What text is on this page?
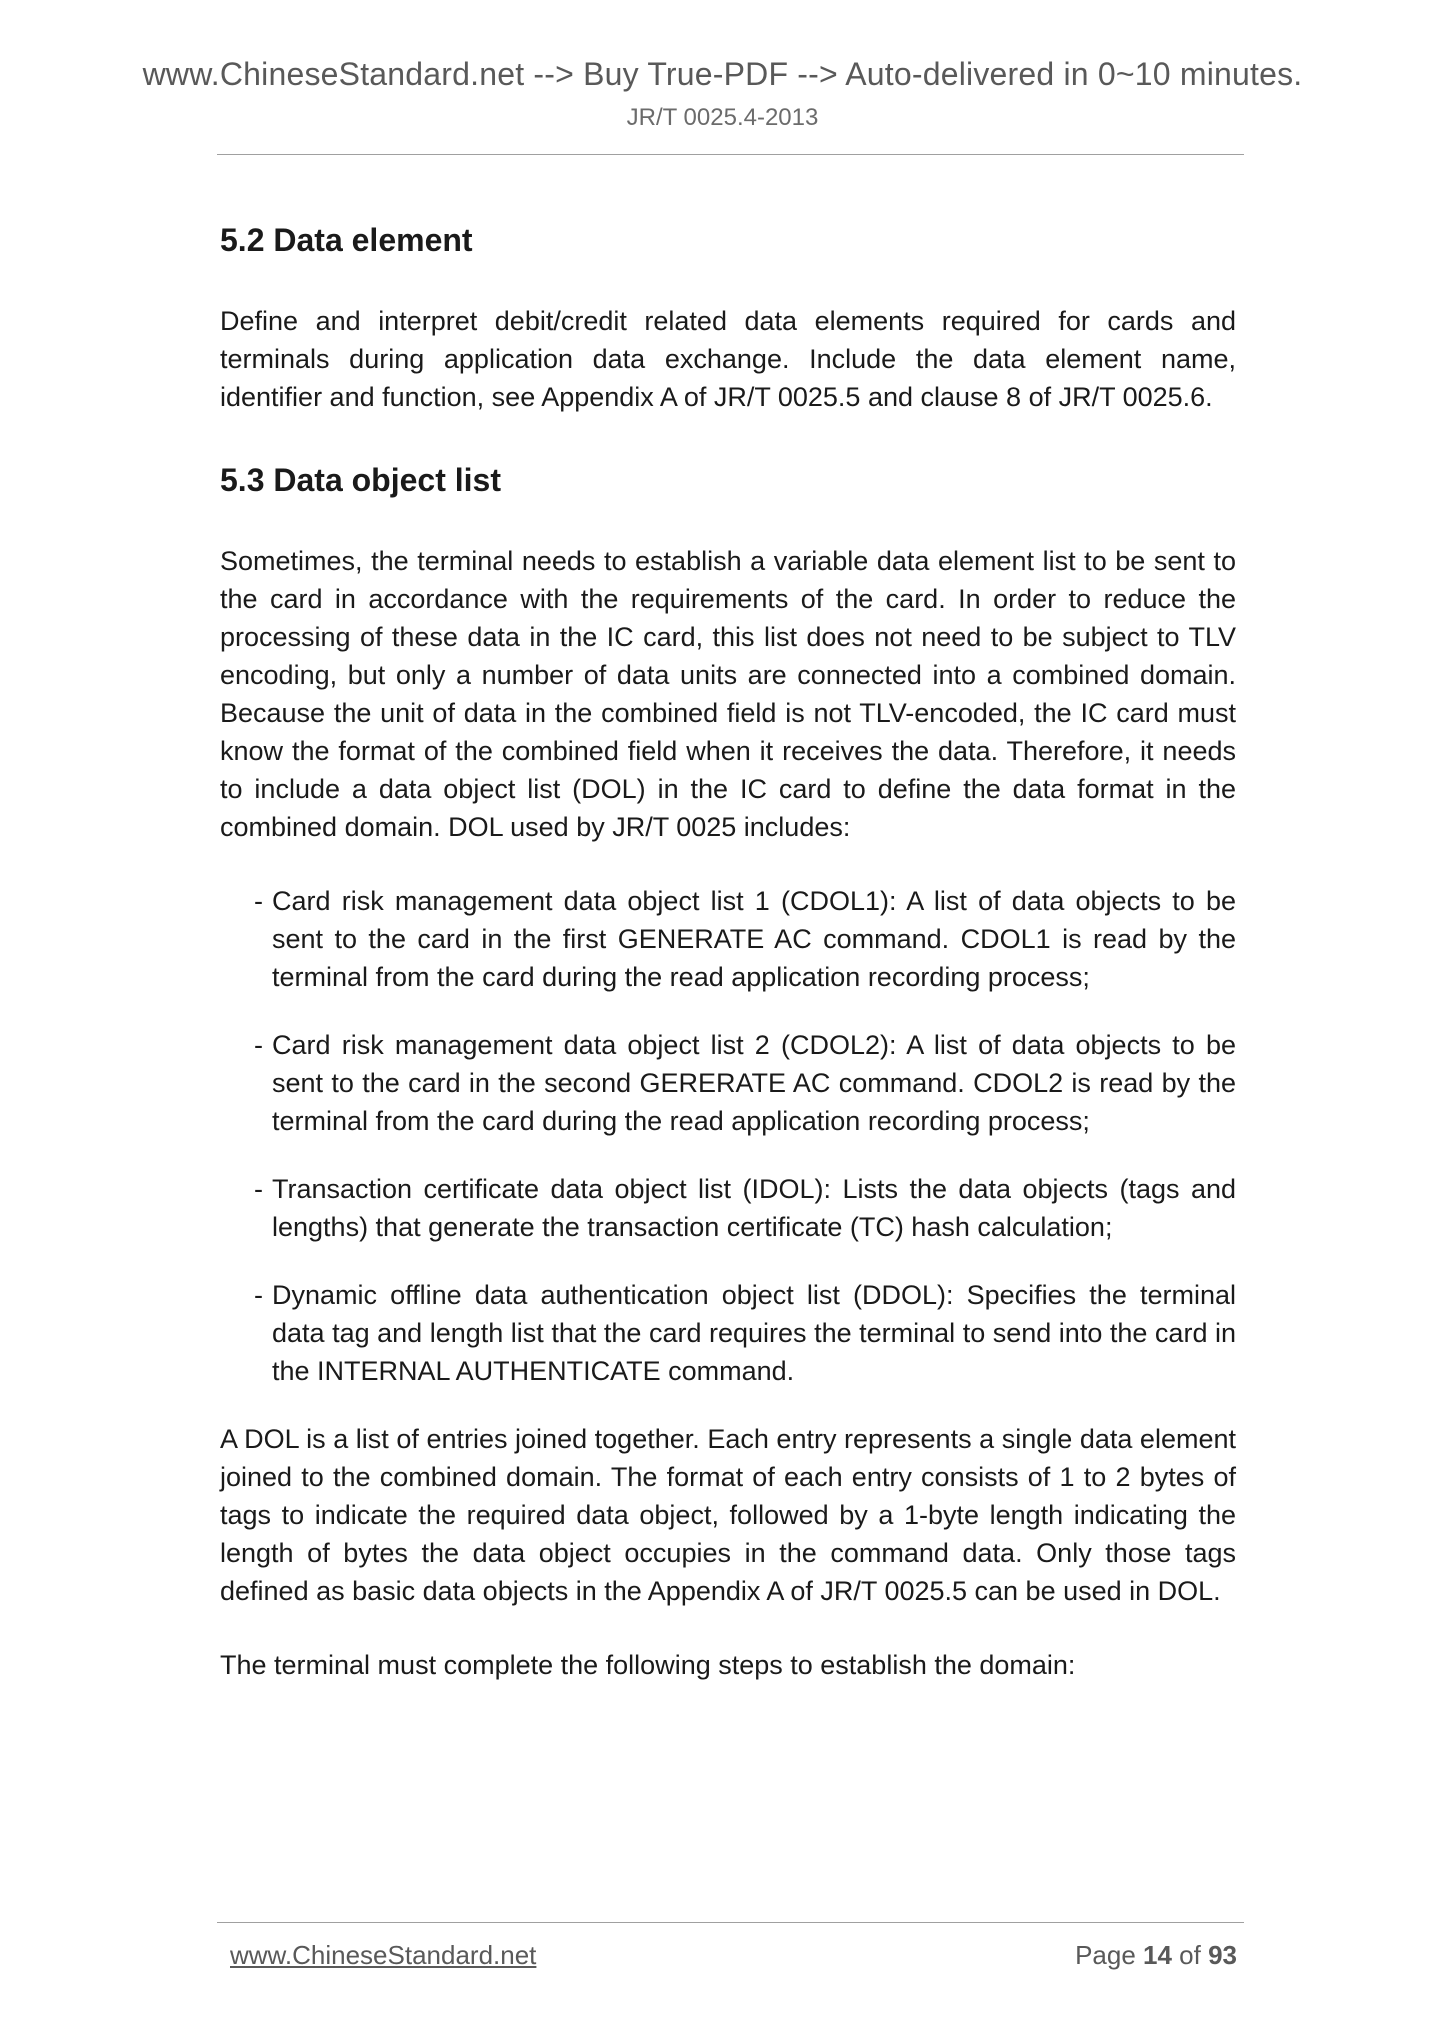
www.ChineseStandard.net --> Buy True-PDF --> Auto-delivered in 0~10 minutes.
JR/T 0025.4-2013
5.2 Data element

Define and interpret debit/credit related data elements required for cards and terminals during application data exchange. Include the data element name, identifier and function, see Appendix A of JR/T 0025.5 and clause 8 of JR/T 0025.6.

5.3 Data object list

Sometimes, the terminal needs to establish a variable data element list to be sent to the card in accordance with the requirements of the card. In order to reduce the processing of these data in the IC card, this list does not need to be subject to TLV encoding, but only a number of data units are connected into a combined domain. Because the unit of data in the combined field is not TLV-encoded, the IC card must know the format of the combined field when it receives the data. Therefore, it needs to include a data object list (DOL) in the IC card to define the data format in the combined domain. DOL used by JR/T 0025 includes:

- Card risk management data object list 1 (CDOL1): A list of data objects to be sent to the card in the first GENERATE AC command. CDOL1 is read by the terminal from the card during the read application recording process;
- Card risk management data object list 2 (CDOL2): A list of data objects to be sent to the card in the second GERERATE AC command. CDOL2 is read by the terminal from the card during the read application recording process;
- Transaction certificate data object list (IDOL): Lists the data objects (tags and lengths) that generate the transaction certificate (TC) hash calculation;
- Dynamic offline data authentication object list (DDOL): Specifies the terminal data tag and length list that the card requires the terminal to send into the card in the INTERNAL AUTHENTICATE command.

A DOL is a list of entries joined together. Each entry represents a single data element joined to the combined domain. The format of each entry consists of 1 to 2 bytes of tags to indicate the required data object, followed by a 1-byte length indicating the length of bytes the data object occupies in the command data. Only those tags defined as basic data objects in the Appendix A of JR/T 0025.5 can be used in DOL.

The terminal must complete the following steps to establish the domain:

www.ChineseStandard.net	Page 14 of 93
